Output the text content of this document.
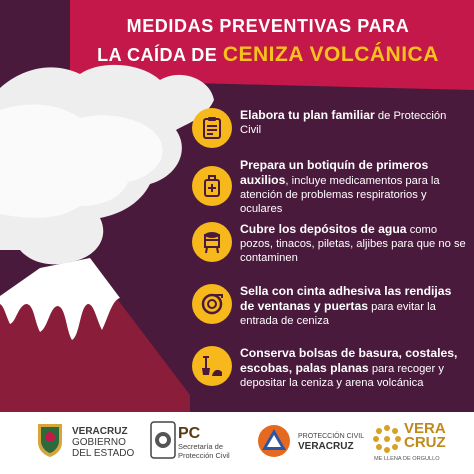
MEDIDAS PREVENTIVAS PARA
LA CAÍDA DE CENIZA VOLCÁNICA
Elabora tu plan familiar de Protección Civil
Prepara un botiquín de primeros auxilios, incluye medicamentos para la atención de problemas respiratorios y oculares
Cubre los depósitos de agua como pozos, tinacos, piletas, aljibes para que no se contaminen
Sella con cinta adhesiva las rendijas de ventanas y puertas para evitar la entrada de ceniza
Conserva bolsas de basura, costales, escobas, palas planas para recoger y depositar la ceniza y arena volcánica
VERACRUZ
GOBIERNO
DEL ESTADO
PC
Secretaría de
Protección Civil
PROTECCIÓN CIVIL
VERACRUZ
VERA
CRUZ
ME LLENA DE ORGULLO
